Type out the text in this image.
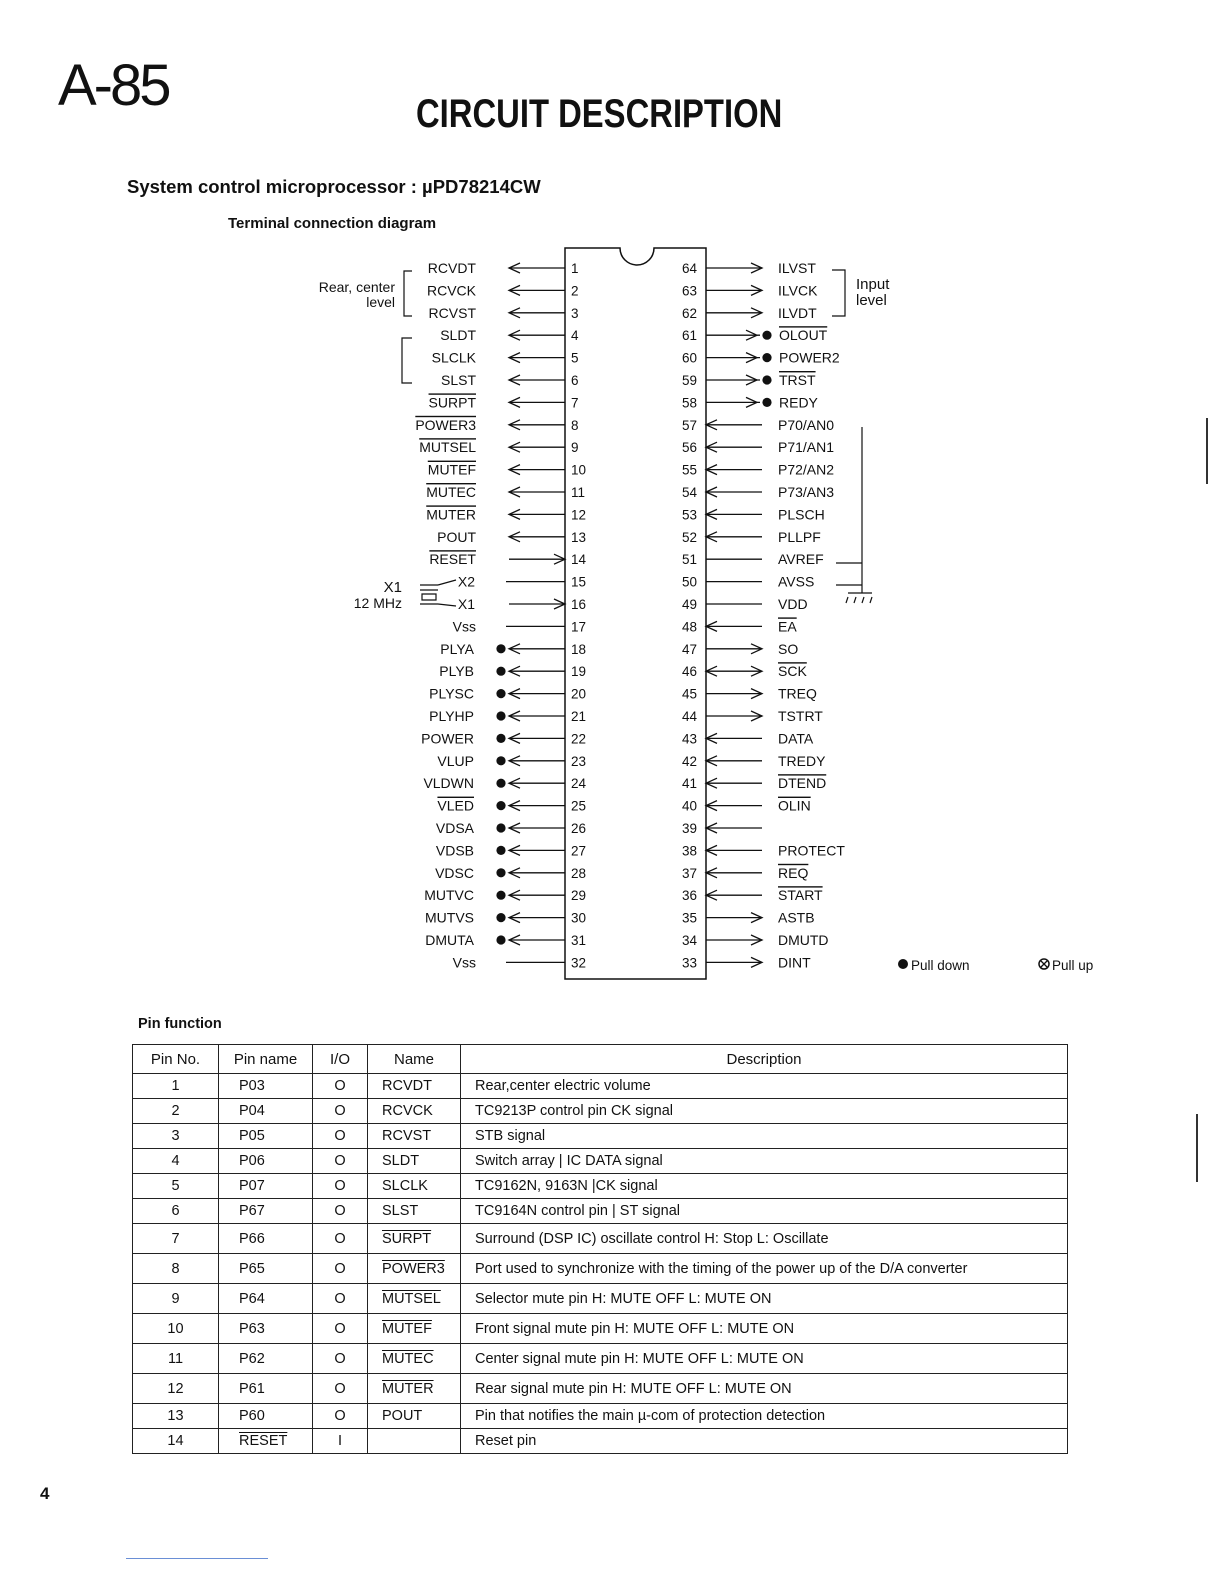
A-85	CIRCUIT DESCRIPTION
System control microprocessor : µPD78214CW
Terminal connection diagram
1
RCVDT
2
RCVCK
3
RCVST
4
SLDT
5
SLCLK
6
SLST
7
SURPT
8
POWER3
9
MUTSEL
10
MUTEF
11
MUTEC
12
MUTER
13
POUT
14
RESET
15
X2
16
X1
17
Vss
18
PLYA
19
PLYB
20
PLYSC
21
PLYHP
22
POWER
23
VLUP
24
VLDWN
25
VLED
26
VDSA
27
VDSB
28
VDSC
29
MUTVC
30
MUTVS
31
DMUTA
32
Vss
64	ILVST
63	ILVCK
62	ILVDT
61	OLOUT
60	POWER2
59	TRST
58	REDY
57	P70/AN0
56	P71/AN1
55	P72/AN2
54	P73/AN3
53	PLSCH
52	PLLPF
51	AVREF
50	AVSS
49	VDD
48	EA
47	SO
46	SCK
45	TREQ
44	TSTRT
43	DATA
42	TREDY
41	DTEND
40	OLIN
39
38	PROTECT
37	REQ
36	START
35	ASTB
34	DMUTD
33	DINT
Rear, center
level
Input
level
X1
12 MHz
Pull down	Pull up
Pin function
Pin No.	Pin name	I/O	Name	Description
1	P03	O	RCVDT	Rear,center electric volume
2	P04	O	RCVCK	TC9213P control pin CK signal
3	P05	O	RCVST	STB signal
4	P06	O	SLDT	Switch array | IC DATA signal
5	P07	O	SLCLK	TC9162N, 9163N |CK signal
6	P67	O	SLST	TC9164N control pin | ST signal
7	P66	O	SURPT	Surround (DSP IC) oscillate control H: Stop L: Oscillate
8	P65	O	POWER3	Port used to synchronize with the timing of the power up of the D/A converter
9	P64	O	MUTSEL	Selector mute pin H: MUTE OFF L: MUTE ON
10	P63	O	MUTEF	Front signal mute pin H: MUTE OFF L: MUTE ON
11	P62	O	MUTEC	Center signal mute pin H: MUTE OFF L: MUTE ON
12	P61	O	MUTER	Rear signal mute pin H: MUTE OFF L: MUTE ON
13	P60	O	POUT	Pin that notifies the main µ-com of protection detection
14	RESET	I		Reset pin
4
